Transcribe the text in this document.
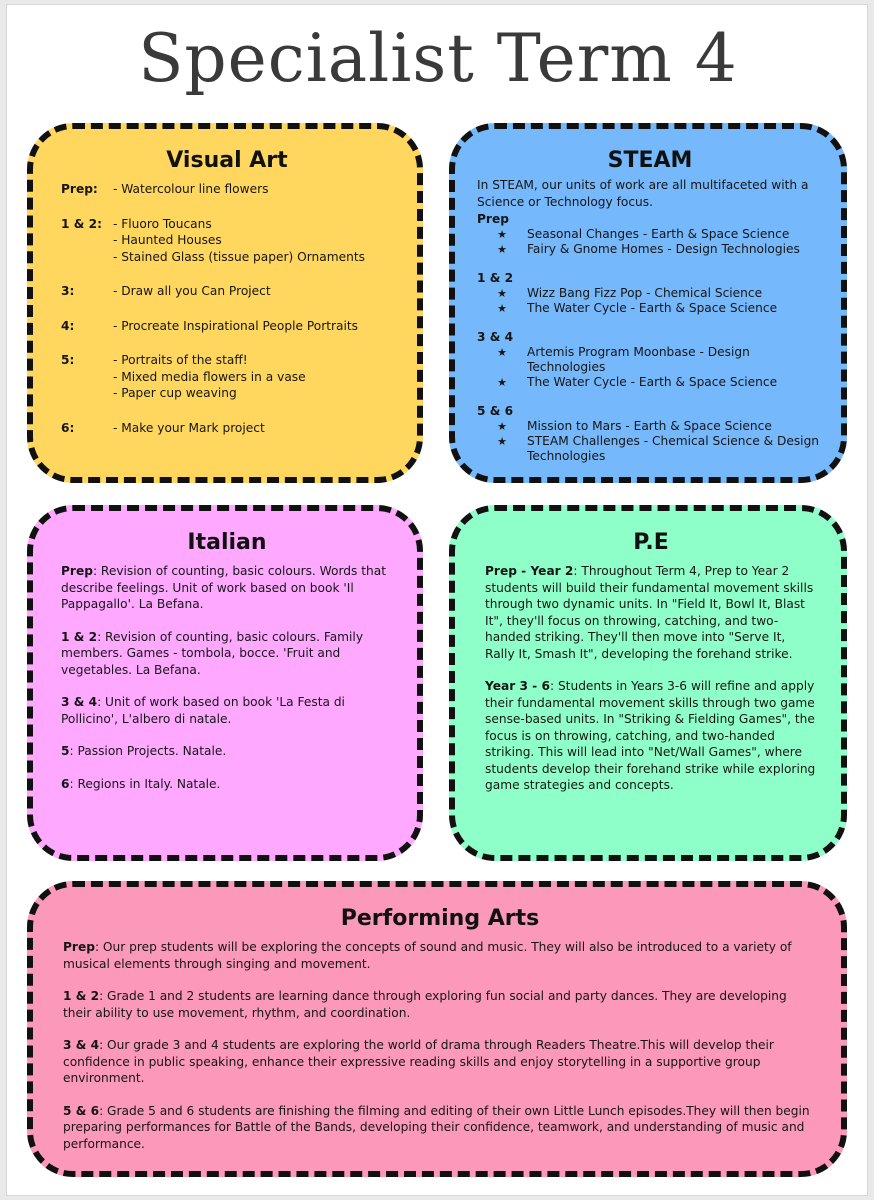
Specialist Term 4
Visual Art
Prep:	- Watercolour line flowers
1 & 2: - Fluoro Toucans
- Haunted Houses
- Stained Glass (tissue paper) Ornaments
3:	- Draw all you Can Project
4:	- Procreate Inspirational People Portraits
5:	- Portraits of the staff!
- Mixed media flowers in a vase
- Paper cup weaving
6:	- Make your Mark project
STEAM
In STEAM, our units of work are all multifaceted with a Science or Technology focus.
Prep
★	Seasonal Changes - Earth & Space Science
★	Fairy & Gnome Homes - Design Technologies
1 & 2
★	Wizz Bang Fizz Pop - Chemical Science
★	The Water Cycle - Earth & Space Science
3 & 4
★	Artemis Program Moonbase - Design Technologies
★	The Water Cycle - Earth & Space Science
5 & 6
★	Mission to Mars - Earth & Space Science
★	STEAM Challenges - Chemical Science & Design Technologies
Italian

Prep: Revision of counting, basic colours. Words that describe feelings. Unit of work based on book 'Il Pappagallo'. La Befana.

1 & 2: Revision of counting, basic colours. Family members. Games - tombola, bocce. 'Fruit and vegetables. La Befana.

3 & 4: Unit of work based on book 'La Festa di Pollicino', L'albero di natale.

5: Passion Projects. Natale.

6: Regions in Italy. Natale.

P.E

Prep - Year 2: Throughout Term 4, Prep to Year 2 students will build their fundamental movement skills through two dynamic units. In "Field It, Bowl It, Blast It", they'll focus on throwing, catching, and two-handed striking. They'll then move into "Serve It, Rally It, Smash It", developing the forehand strike.

Year 3 - 6: Students in Years 3-6 will refine and apply their fundamental movement skills through two game sense-based units. In "Striking & Fielding Games", the focus is on throwing, catching, and two-handed striking. This will lead into "Net/Wall Games", where students develop their forehand strike while exploring game strategies and concepts.

Performing Arts

Prep: Our prep students will be exploring the concepts of sound and music. They will also be introduced to a variety of musical elements through singing and movement.

1 & 2: Grade 1 and 2 students are learning dance through exploring fun social and party dances. They are developing their ability to use movement, rhythm, and coordination.

3 & 4: Our grade 3 and 4 students are exploring the world of drama through Readers Theatre.This will develop their confidence in public speaking, enhance their expressive reading skills and enjoy storytelling in a supportive group environment.

5 & 6: Grade 5 and 6 students are finishing the filming and editing of their own Little Lunch episodes.They will then begin preparing performances for Battle of the Bands, developing their confidence, teamwork, and understanding of music and performance.
